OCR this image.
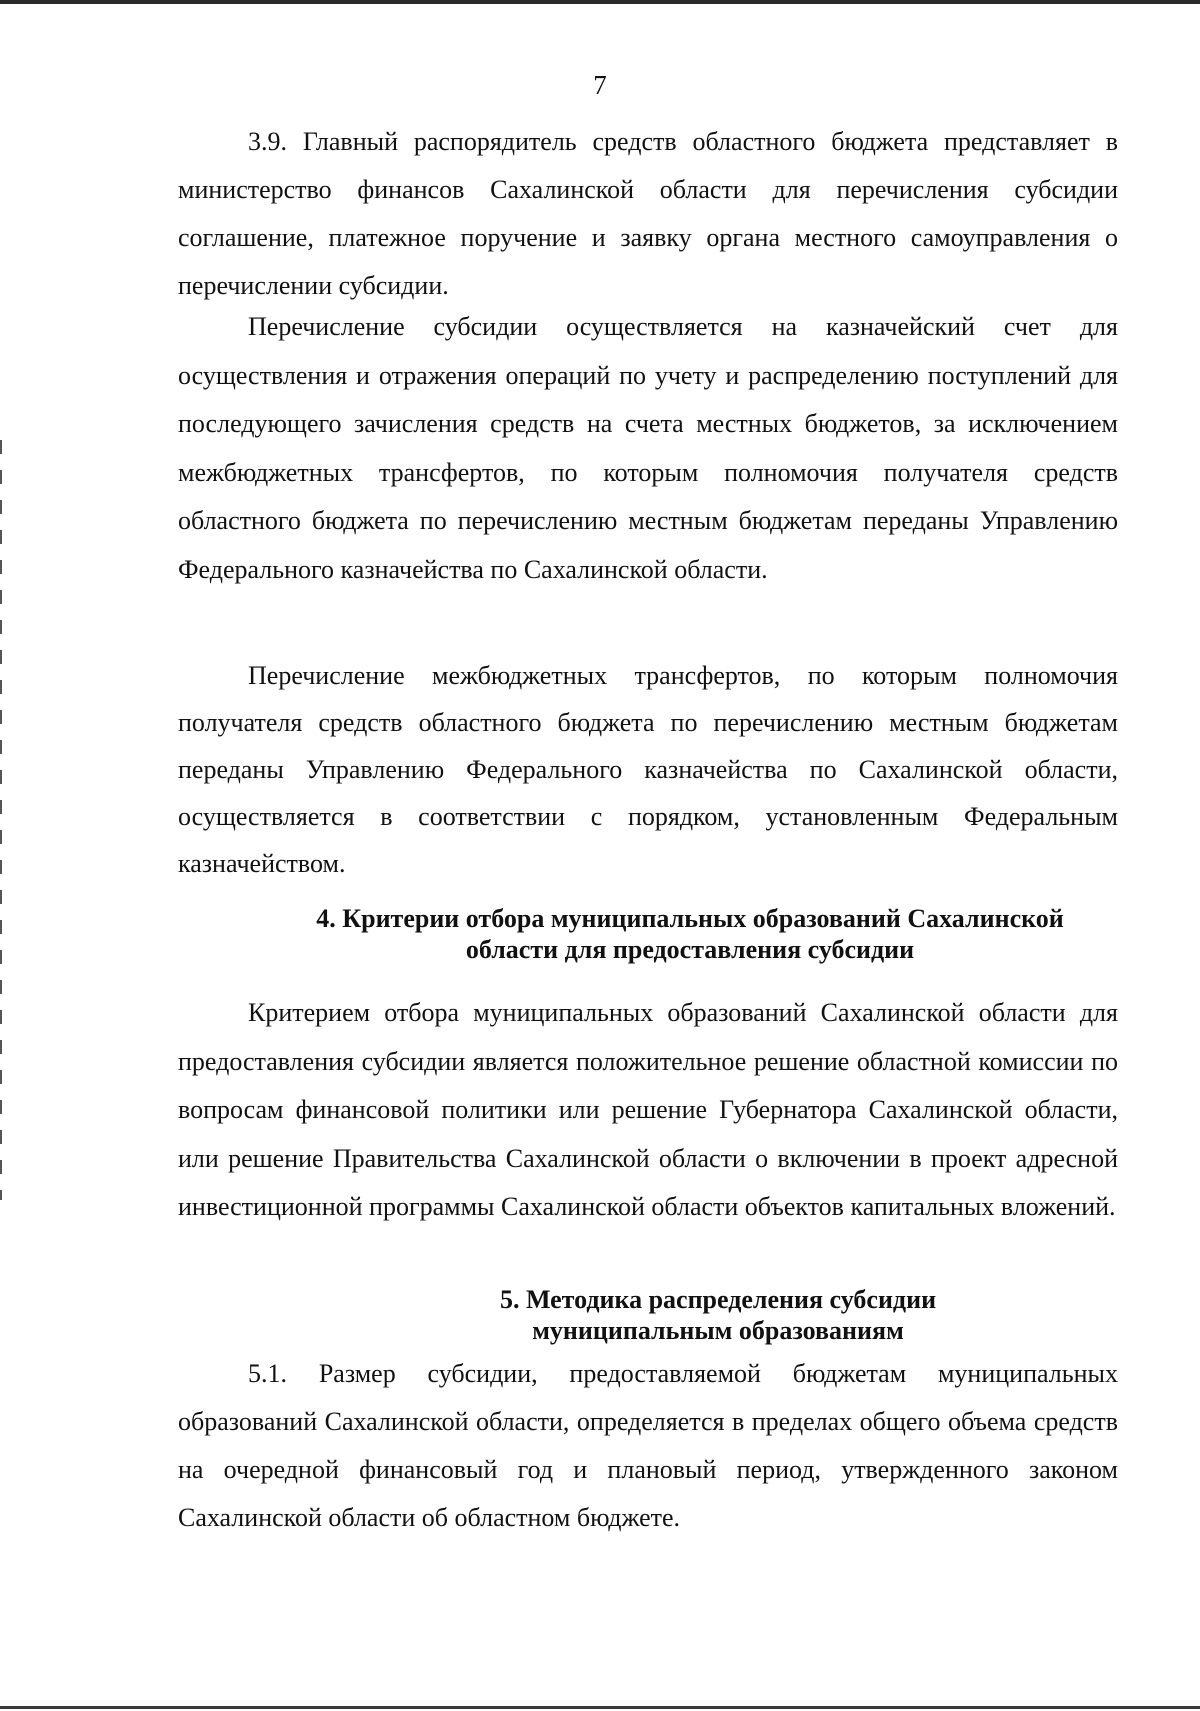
7

3.9. Главный распорядитель средств областного бюджета представляет в министерство финансов Сахалинской области для перечисления субсидии соглашение, платежное поручение и заявку органа местного самоуправления о перечислении субсидии.

Перечисление субсидии осуществляется на казначейский счет для осуществления и отражения операций по учету и распределению поступлений для последующего зачисления средств на счета местных бюджетов, за исключением межбюджетных трансфертов, по которым полномочия получателя средств областного бюджета по перечислению местным бюджетам переданы Управлению Федерального казначейства по Сахалинской области.

Перечисление межбюджетных трансфертов, по которым полномочия получателя средств областного бюджета по перечислению местным бюджетам переданы Управлению Федерального казначейства по Сахалинской области, осуществляется в соответствии с порядком, установленным Федеральным казначейством.

4. Критерии отбора муниципальных образований Сахалинской
области для предоставления субсидии

Критерием отбора муниципальных образований Сахалинской области для предоставления субсидии является положительное решение областной комиссии по вопросам финансовой политики или решение Губернатора Сахалинской области, или решение Правительства Сахалинской области о включении в проект адресной инвестиционной программы Сахалинской области объектов капитальных вложений.

5. Методика распределения субсидии
муниципальным образованиям

5.1. Размер субсидии, предоставляемой бюджетам муниципальных образований Сахалинской области, определяется в пределах общего объема средств на очередной финансовый год и плановый период, утвержденного законом Сахалинской области об областном бюджете.
